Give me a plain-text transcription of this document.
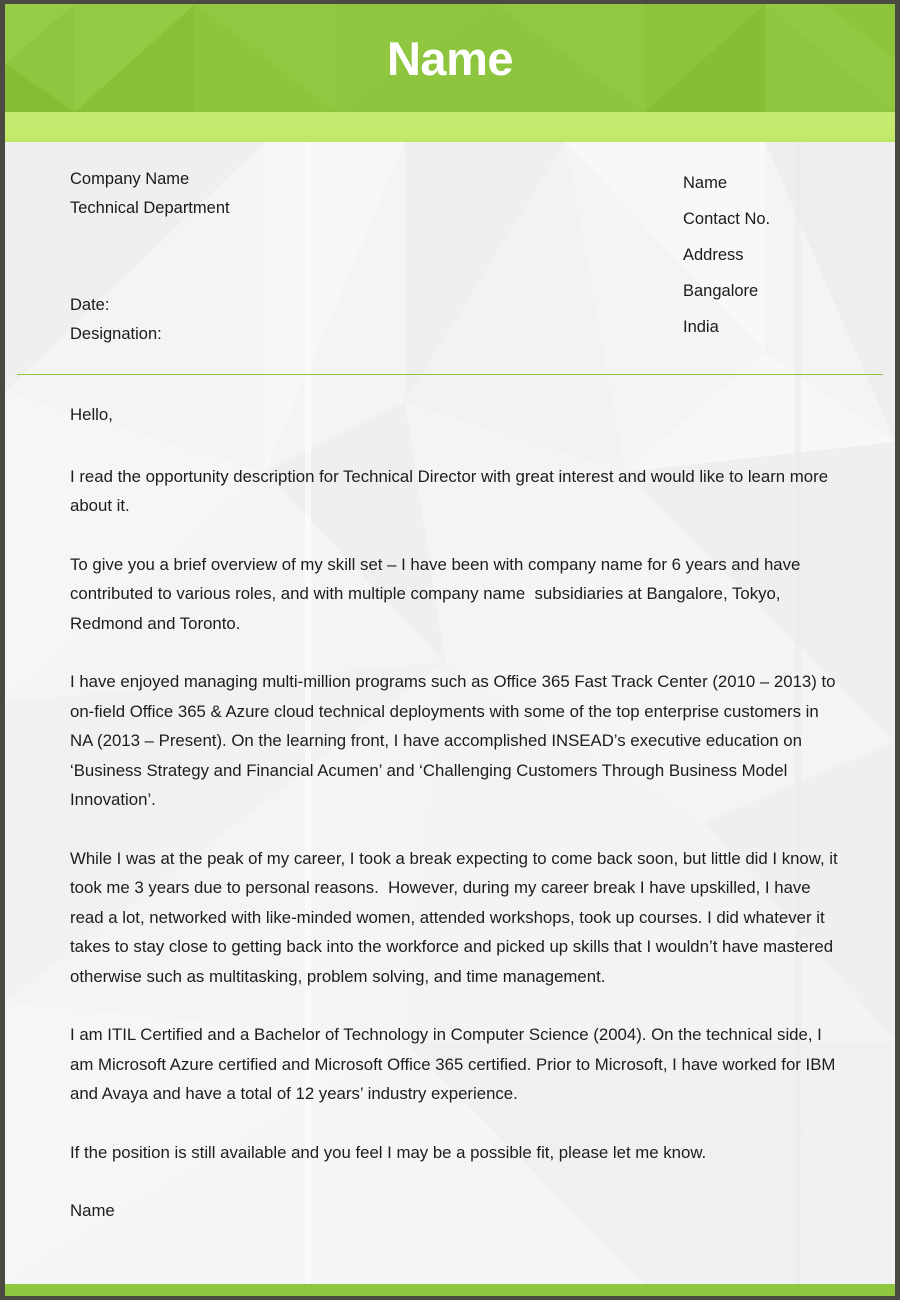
Name
Company Name
Technical Department
Date:
Designation:
Name
Contact No.
Address
Bangalore
India

Hello,

I read the opportunity description for Technical Director with great interest and would like to learn more about it.

To give you a brief overview of my skill set – I have been with company name for 6 years and have contributed to various roles, and with multiple company name  subsidiaries at Bangalore, Tokyo, Redmond and Toronto.

I have enjoyed managing multi-million programs such as Office 365 Fast Track Center (2010 – 2013) to on-field Office 365 & Azure cloud technical deployments with some of the top enterprise customers in NA (2013 – Present). On the learning front, I have accomplished INSEAD’s executive education on ‘Business Strategy and Financial Acumen’ and ‘Challenging Customers Through Business Model Innovation’.

While I was at the peak of my career, I took a break expecting to come back soon, but little did I know, it took me 3 years due to personal reasons.  However, during my career break I have upskilled, I have read a lot, networked with like-minded women, attended workshops, took up courses. I did whatever it takes to stay close to getting back into the workforce and picked up skills that I wouldn’t have mastered otherwise such as multitasking, problem solving, and time management.

I am ITIL Certified and a Bachelor of Technology in Computer Science (2004). On the technical side, I am Microsoft Azure certified and Microsoft Office 365 certified. Prior to Microsoft, I have worked for IBM and Avaya and have a total of 12 years’ industry experience.

If the position is still available and you feel I may be a possible fit, please let me know.

Name
